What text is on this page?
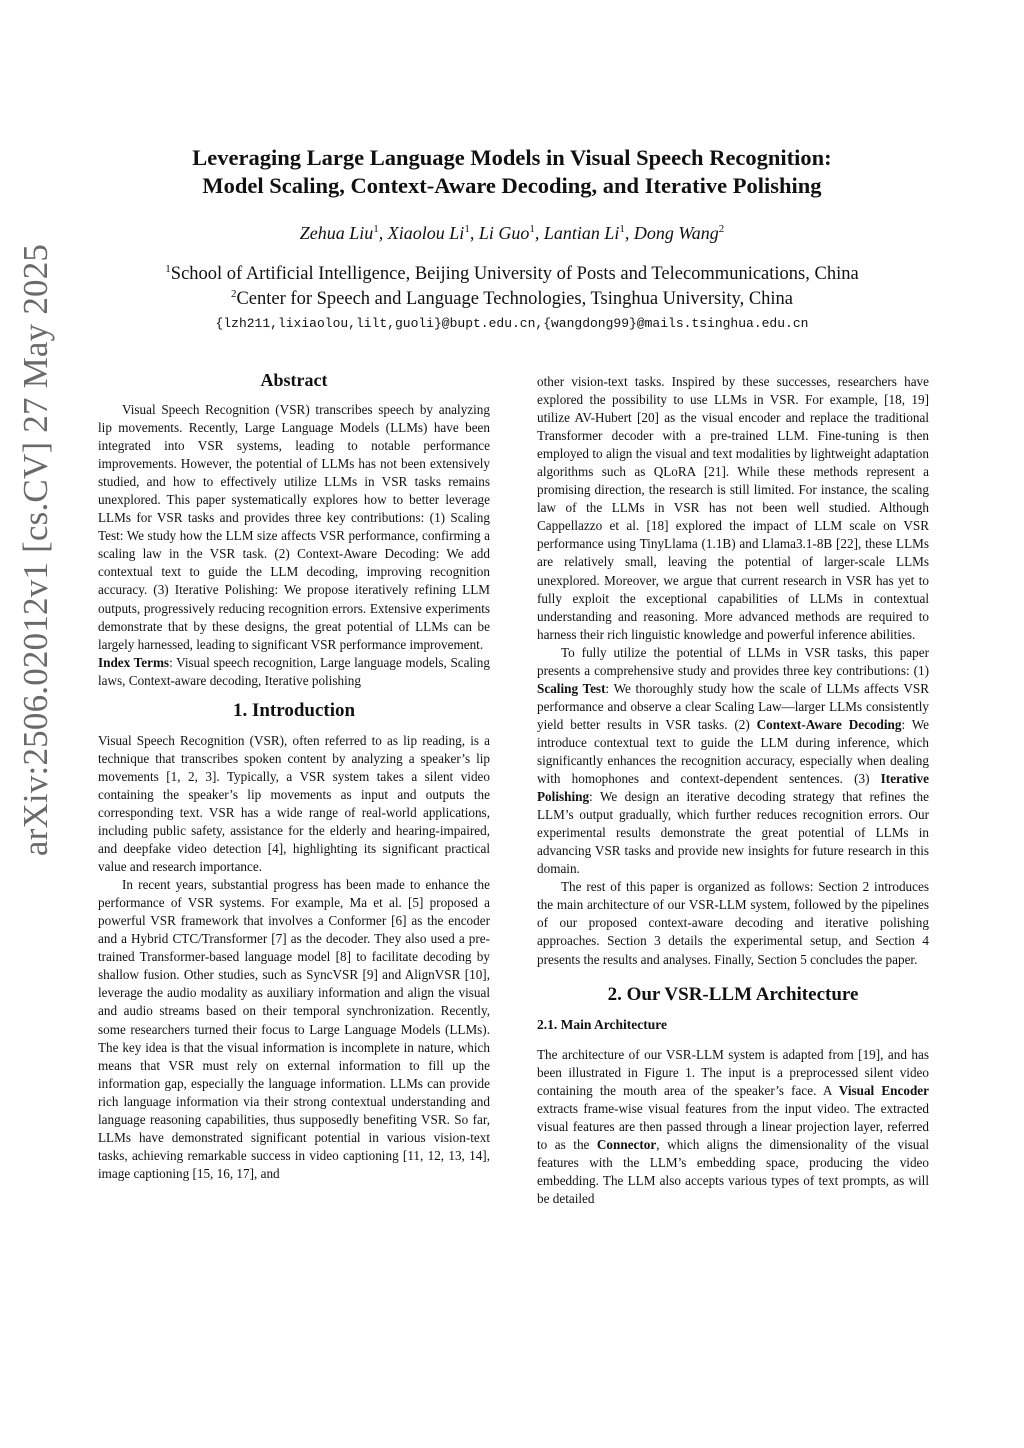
arXiv:2506.02012v1 [cs.CV] 27 May 2025
Leveraging Large Language Models in Visual Speech Recognition:
Model Scaling, Context-Aware Decoding, and Iterative Polishing
Zehua Liu$^1$, Xiaolou Li$^1$, Li Guo$^1$, Lantian Li$^1$, Dong Wang$^2$
$^1$School of Artificial Intelligence, Beijing University of Posts and Telecommunications, China
$^2$Center for Speech and Language Technologies, Tsinghua University, China
{lzh211,lixiaolou,lilt,guoli}@bupt.edu.cn,{wangdong99}@mails.tsinghua.edu.cn
Abstract

Visual Speech Recognition (VSR) transcribes speech by analyzing lip movements. Recently, Large Language Models (LLMs) have been integrated into VSR systems, leading to notable performance improvements. However, the potential of LLMs has not been extensively studied, and how to effectively utilize LLMs in VSR tasks remains unexplored. This paper systematically explores how to better leverage LLMs for VSR tasks and provides three key contributions: (1) Scaling Test: We study how the LLM size affects VSR performance, confirming a scaling law in the VSR task. (2) Context-Aware Decoding: We add contextual text to guide the LLM decoding, improving recognition accuracy. (3) Iterative Polishing: We propose iteratively refining LLM outputs, progressively reducing recognition errors. Extensive experiments demonstrate that by these designs, the great potential of LLMs can be largely harnessed, leading to significant VSR performance improvement.

Index Terms: Visual speech recognition, Large language models, Scaling laws, Context-aware decoding, Iterative polishing

1. Introduction

Visual Speech Recognition (VSR), often referred to as lip reading, is a technique that transcribes spoken content by analyzing a speaker’s lip movements [1, 2, 3]. Typically, a VSR system takes a silent video containing the speaker’s lip movements as input and outputs the corresponding text. VSR has a wide range of real-world applications, including public safety, assistance for the elderly and hearing-impaired, and deepfake video detection [4], highlighting its significant practical value and research importance.

In recent years, substantial progress has been made to enhance the performance of VSR systems. For example, Ma et al. [5] proposed a powerful VSR framework that involves a Conformer [6] as the encoder and a Hybrid CTC/Transformer [7] as the decoder. They also used a pre-trained Transformer-based language model [8] to facilitate decoding by shallow fusion. Other studies, such as SyncVSR [9] and AlignVSR [10], leverage the audio modality as auxiliary information and align the visual and audio streams based on their temporal synchronization. Recently, some researchers turned their focus to Large Language Models (LLMs). The key idea is that the visual information is incomplete in nature, which means that VSR must rely on external information to fill up the information gap, especially the language information. LLMs can provide rich language information via their strong contextual understanding and language reasoning capabilities, thus supposedly benefiting VSR. So far, LLMs have demonstrated significant potential in various vision-text tasks, achieving remarkable success in video captioning [11, 12, 13, 14], image captioning [15, 16, 17], and

other vision-text tasks. Inspired by these successes, researchers have explored the possibility to use LLMs in VSR. For example, [18, 19] utilize AV-Hubert [20] as the visual encoder and replace the traditional Transformer decoder with a pre-trained LLM. Fine-tuning is then employed to align the visual and text modalities by lightweight adaptation algorithms such as QLoRA [21]. While these methods represent a promising direction, the research is still limited. For instance, the scaling law of the LLMs in VSR has not been well studied. Although Cappellazzo et al. [18] explored the impact of LLM scale on VSR performance using TinyLlama (1.1B) and Llama3.1-8B [22], these LLMs are relatively small, leaving the potential of larger-scale LLMs unexplored. Moreover, we argue that current research in VSR has yet to fully exploit the exceptional capabilities of LLMs in contextual understanding and reasoning. More advanced methods are required to harness their rich linguistic knowledge and powerful inference abilities.

To fully utilize the potential of LLMs in VSR tasks, this paper presents a comprehensive study and provides three key contributions: (1) Scaling Test: We thoroughly study how the scale of LLMs affects VSR performance and observe a clear Scaling Law—larger LLMs consistently yield better results in VSR tasks. (2) Context-Aware Decoding: We introduce contextual text to guide the LLM during inference, which significantly enhances the recognition accuracy, especially when dealing with homophones and context-dependent sentences. (3) Iterative Polishing: We design an iterative decoding strategy that refines the LLM’s output gradually, which further reduces recognition errors. Our experimental results demonstrate the great potential of LLMs in advancing VSR tasks and provide new insights for future research in this domain.

The rest of this paper is organized as follows: Section 2 introduces the main architecture of our VSR-LLM system, followed by the pipelines of our proposed context-aware decoding and iterative polishing approaches. Section 3 details the experimental setup, and Section 4 presents the results and analyses. Finally, Section 5 concludes the paper.

2. Our VSR-LLM Architecture
2.1. Main Architecture

The architecture of our VSR-LLM system is adapted from [19], and has been illustrated in Figure 1. The input is a preprocessed silent video containing the mouth area of the speaker’s face. A Visual Encoder extracts frame-wise visual features from the input video. The extracted visual features are then passed through a linear projection layer, referred to as the Connector, which aligns the dimensionality of the visual features with the LLM’s embedding space, producing the video embedding. The LLM also accepts various types of text prompts, as will be detailed
